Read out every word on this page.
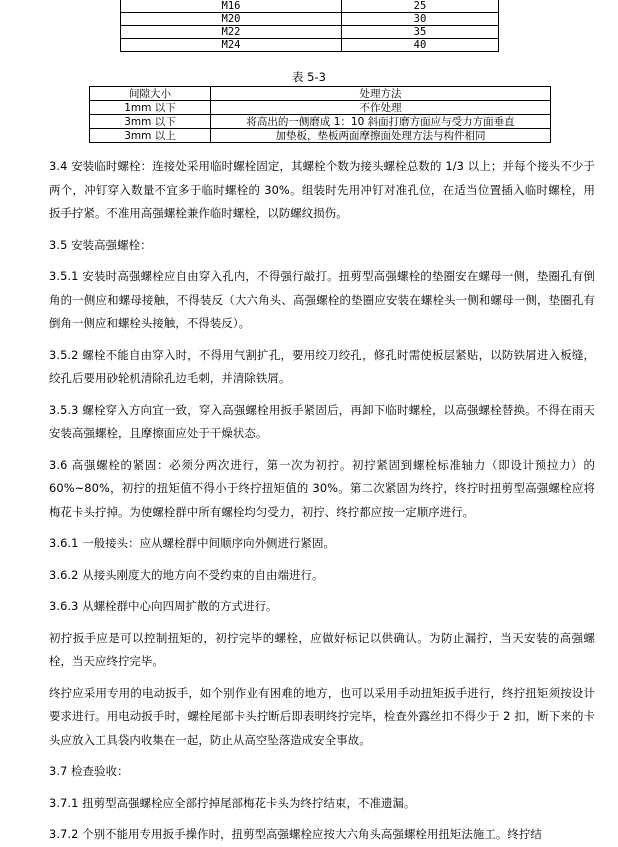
M16	25
M20	30
M22	35
M24	40
表 5-3
间隙大小	处理方法
1mm 以下	不作处理
3mm 以下	将高出的一侧磨成 1：10 斜面打磨方面应与受力方面垂直
3mm 以上	加垫板，垫板两面摩擦面处理方法与构件相同

3.4 安装临时螺栓：连接处采用临时螺栓固定，其螺栓个数为接头螺栓总数的 1/3 以上；并每个接头不少于两个，冲钉穿入数量不宜多于临时螺栓的 30%。组装时先用冲钉对准孔位，在适当位置插入临时螺栓，用扳手拧紧。不准用高强螺栓兼作临时螺栓，以防螺纹损伤。

3.5 安装高强螺栓：

3.5.1 安装时高强螺栓应自由穿入孔内，不得强行敲打。扭剪型高强螺栓的垫圈安在螺母一侧，垫圈孔有倒角的一侧应和螺母接触，不得装反（大六角头、高强螺栓的垫圈应安装在螺栓头一侧和螺母一侧，垫圈孔有倒角一侧应和螺栓头接触，不得装反）。

3.5.2 螺栓不能自由穿入时，不得用气割扩孔，要用绞刀绞孔，修孔时需使板层紧贴，以防铁屑进入板缝，绞孔后要用砂轮机清除孔边毛刺，并清除铁屑。

3.5.3 螺栓穿入方向宜一致，穿入高强螺栓用扳手紧固后，再卸下临时螺栓，以高强螺栓替换。不得在雨天安装高强螺栓，且摩擦面应处于干燥状态。

3.6 高强螺栓的紧固：必须分两次进行，第一次为初拧。初拧紧固到螺栓标准轴力（即设计预拉力）的 60%~80%，初拧的扭矩值不得小于终拧扭矩值的 30%。第二次紧固为终拧，终拧时扭剪型高强螺栓应将梅花卡头拧掉。为使螺栓群中所有螺栓均匀受力，初拧、终拧都应按一定顺序进行。

3.6.1 一般接头：应从螺栓群中间顺序向外侧进行紧固。

3.6.2 从接头刚度大的地方向不受约束的自由端进行。

3.6.3 从螺栓群中心向四周扩散的方式进行。

初拧扳手应是可以控制扭矩的，初拧完毕的螺栓，应做好标记以供确认。为防止漏拧，当天安装的高强螺栓，当天应终拧完毕。

终拧应采用专用的电动扳手，如个别作业有困难的地方，也可以采用手动扭矩扳手进行，终拧扭矩须按设计要求进行。用电动扳手时，螺栓尾部卡头拧断后即表明终拧完毕，检查外露丝扣不得少于 2 扣，断下来的卡头应放入工具袋内收集在一起，防止从高空坠落造成安全事故。

3.7 检查验收：

3.7.1 扭剪型高强螺栓应全部拧掉尾部梅花卡头为终拧结束，不准遗漏。

3.7.2 个别不能用专用扳手操作时，扭剪型高强螺栓应按大六角头高强螺栓用扭矩法施工。终拧结
